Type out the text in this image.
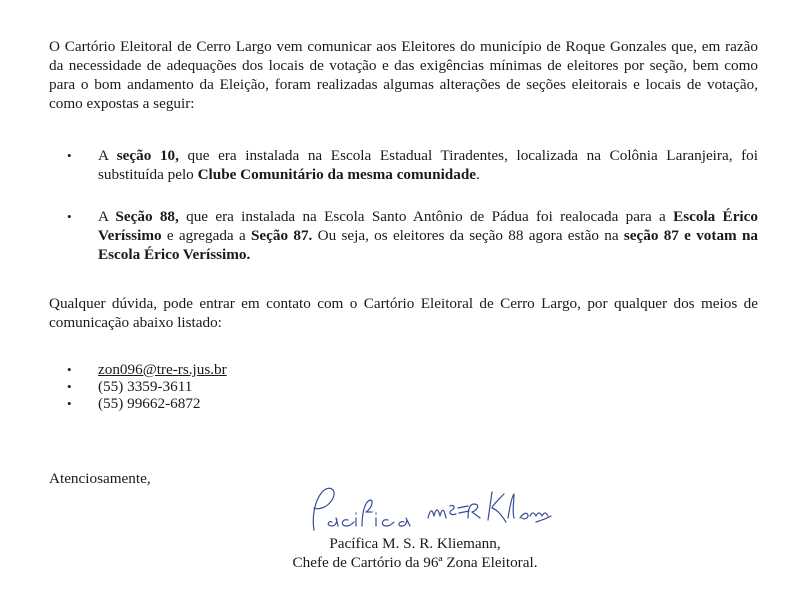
O Cartório Eleitoral de Cerro Largo vem comunicar aos Eleitores do município de Roque Gonzales que, em razão da necessidade de adequações dos locais de votação e das exigências mínimas de eleitores por seção, bem como para o bom andamento da Eleição, foram realizadas algumas alterações de seções eleitorais e locais de votação, como expostas a seguir:

• A seção 10, que era instalada na Escola Estadual Tiradentes, localizada na Colônia Laranjeira, foi substituída pelo Clube Comunitário da mesma comunidade.
• A Seção 88, que era instalada na Escola Santo Antônio de Pádua foi realocada para a Escola Érico Veríssimo e agregada a Seção 87. Ou seja, os eleitores da seção 88 agora estão na seção 87 e votam na Escola Érico Veríssimo.

Qualquer dúvida, pode entrar em contato com o Cartório Eleitoral de Cerro Largo, por qualquer dos meios de comunicação abaixo listado:

• zon096@tre-rs.jus.br
• (55) 3359-3611
• (55) 99662-6872

Atenciosamente,

Pacífica M. S. R. Kliemann,

Chefe de Cartório da 96ª Zona Eleitoral.
